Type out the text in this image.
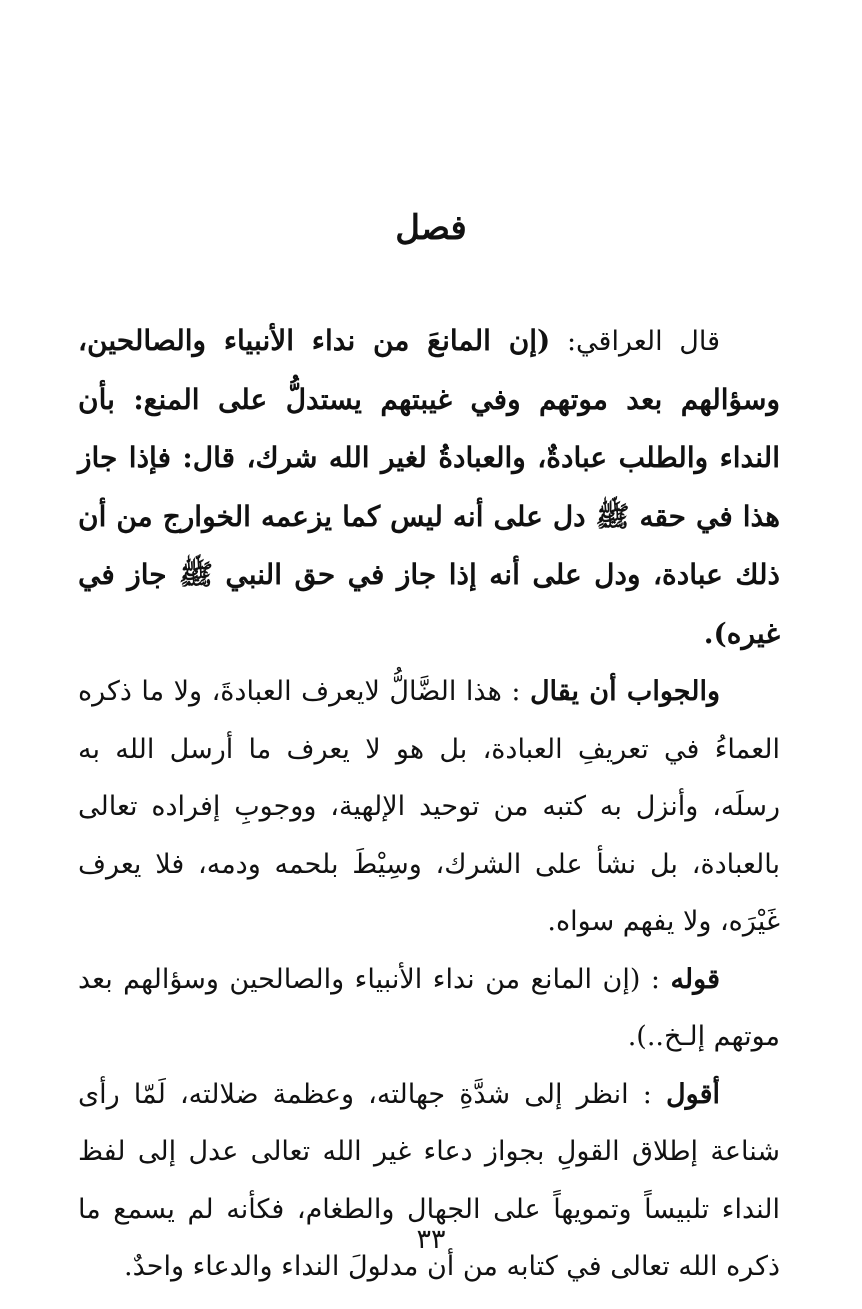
فصل

قال العراقي: (إن المانعَ من نداء الأنبياء والصالحين، وسؤالهم بعد موتهم وفي غيبتهم يستدلُّ على المنع: بأن النداء والطلب عبادةٌ، والعبادةُ لغير الله شرك، قال: فإذا جاز هذا في حقه ﷺ دل على أنه ليس كما يزعمه الخوارج من أن ذلك عبادة، ودل على أنه إذا جاز في حق النبي ﷺ جاز في غيره).

والجواب أن يقال : هذا الضَّالُّ لايعرف العبادةَ، ولا ما ذكره العماءُ في تعريفِ العبادة، بل هو لا يعرف ما أرسل الله به رسلَه، وأنزل به كتبه من توحيد الإلهية، ووجوبِ إفراده تعالى بالعبادة، بل نشأ على الشرك، وسِيْطَ بلحمه ودمه، فلا يعرف غَيْرَه، ولا يفهم سواه.

قوله : (إن المانع من نداء الأنبياء والصالحين وسؤالهم بعد موتهم إلـخ..).

أقول : انظر إلى شدَّةِ جهالته، وعظمة ضلالته، لَمّا رأى شناعة إطلاق القولِ بجواز دعاء غير الله تعالى عدل إلى لفظ النداء تلبيساً وتمويهاً على الجهال والطغام، فكأنه لم يسمع ما ذكره الله تعالى في كتابه من أن مدلولَ النداء والدعاء واحدٌ.

٣٣
